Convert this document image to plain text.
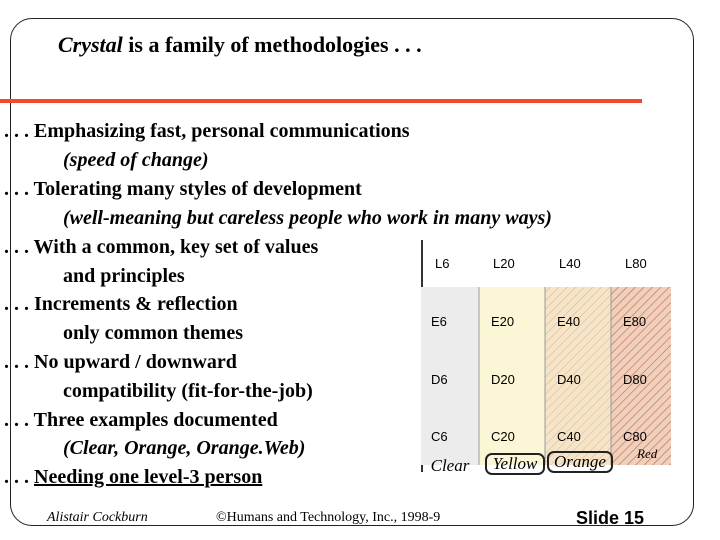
Crystal is a family of methodologies . . .
. . . Emphasizing fast, personal communications
(speed of change)
. . . Tolerating many styles of development
(well-meaning but careless people who work in many ways)
. . . With a common, key set of values
and principles
. . . Increments & reflection
only common themes
. . . No upward / downward
compatibility (fit-for-the-job)
. . . Three examples documented
(Clear, Orange, Orange.Web)
. . . Needing one level-3 person
L6	L20	L40	L80
E6	E20	E40	E80
D6	D20	D40	D80
C6	C20	C40	C80
Clear	Yellow Orange	Red
Alistair Cockburn	©Humans and Technology, Inc., 1998-9	Slide 15
